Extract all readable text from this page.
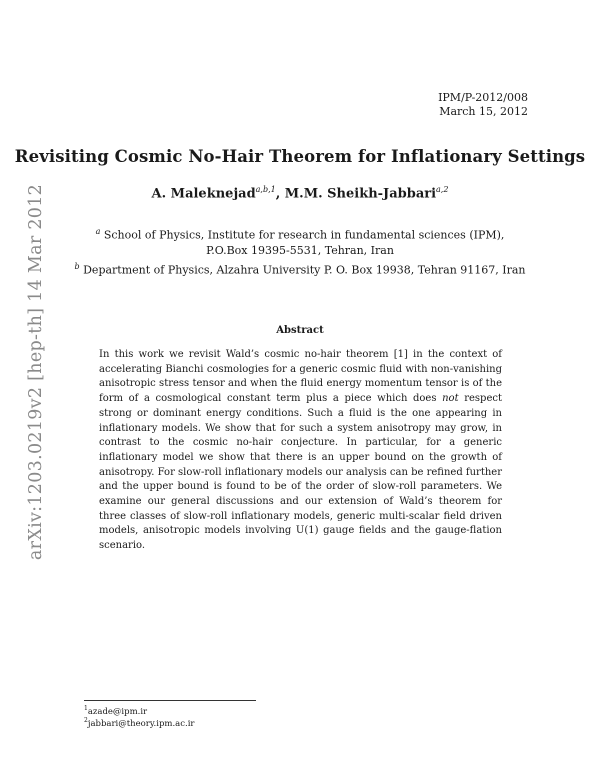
IPM/P-2012/008
March 15, 2012
Revisiting Cosmic No-Hair Theorem for Inflationary Settings
A. Maleknejad$^{a,b,1}$, M.M. Sheikh-Jabbari$^{a,2}$
$^a$ School of Physics, Institute for research in fundamental sciences (IPM),
P.O.Box 19395-5531, Tehran, Iran
$^b$ Department of Physics, Alzahra University P. O. Box 19938, Tehran 91167, Iran
Abstract
In this work we revisit Wald’s cosmic no-hair theorem [1] in the context of accelerating Bianchi cosmologies for a generic cosmic fluid with non-vanishing anisotropic stress tensor and when the fluid energy momentum tensor is of the form of a cosmological constant term plus a piece which does not respect strong or dominant energy conditions. Such a fluid is the one appearing in inflationary models. We show that for such a system anisotropy may grow, in contrast to the cosmic no-hair conjecture. In particular, for a generic inflationary model we show that there is an upper bound on the growth of anisotropy. For slow-roll inflationary models our analysis can be refined further and the upper bound is found to be of the order of slow-roll parameters. We examine our general discussions and our extension of Wald’s theorem for three classes of slow-roll inflationary models, generic multi-scalar field driven models, anisotropic models involving U(1) gauge fields and the gauge-flation scenario.
$^1$azade@ipm.ir
$^2$jabbari@theory.ipm.ac.ir
arXiv:1203.0219v2 [hep-th] 14 Mar 2012
